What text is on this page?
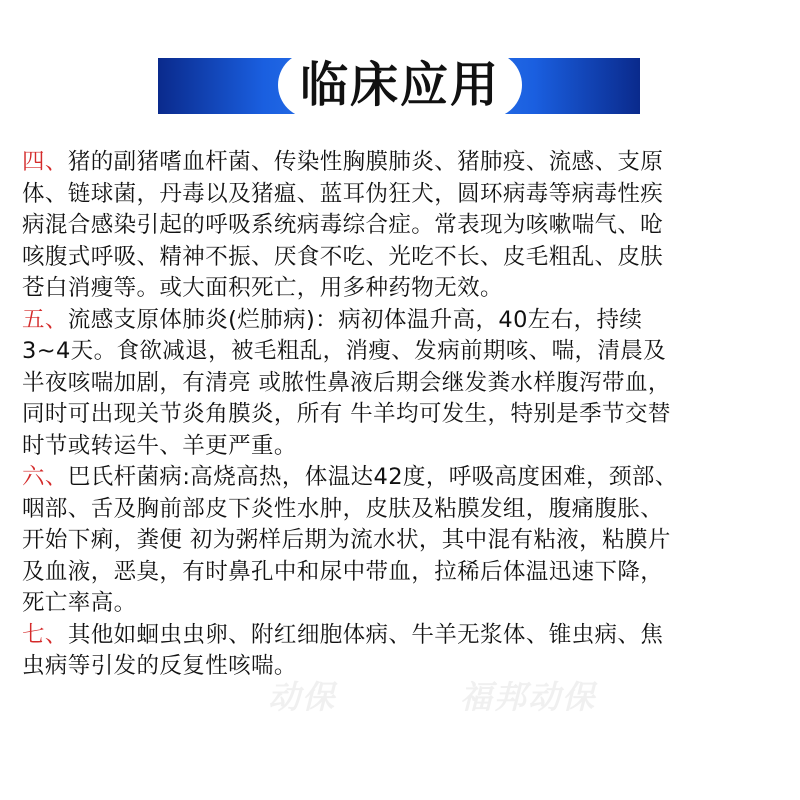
临床应用
动保	福邦动保
四、猪的副猪嗜血杆菌、传染性胸膜肺炎、猪肺疫、流感、支原
体、链球菌，丹毒以及猪瘟、蓝耳伪狂犬，圆环病毒等病毒性疾
病混合感染引起的呼吸系统病毒综合症。常表现为咳嗽喘气、呛
咳腹式呼吸、精神不振、厌食不吃、光吃不长、皮毛粗乱、皮肤
苍白消瘦等。或大面积死亡，用多种药物无效。
五、流感支原体肺炎(烂肺病)：病初体温升高，40左右，持续
3~4天。食欲减退，被毛粗乱，消瘦、发病前期咳、喘，清晨及
半夜咳喘加剧，有清亮 或脓性鼻液后期会继发粪水样腹泻带血，
同时可出现关节炎角膜炎，所有 牛羊均可发生，特别是季节交替
时节或转运牛、羊更严重。
六、巴氏杆菌病:高烧高热，体温达42度，呼吸高度困难，颈部、
咽部、舌及胸前部皮下炎性水肿，皮肤及粘膜发组，腹痛腹胀、
开始下痢，粪便 初为粥样后期为流水状，其中混有粘液，粘膜片
及血液，恶臭，有时鼻孔中和尿中带血，拉稀后体温迅速下降，
死亡率高。
七、其他如蛔虫虫卵、附红细胞体病、牛羊无浆体、锥虫病、焦
虫病等引发的反复性咳喘。
